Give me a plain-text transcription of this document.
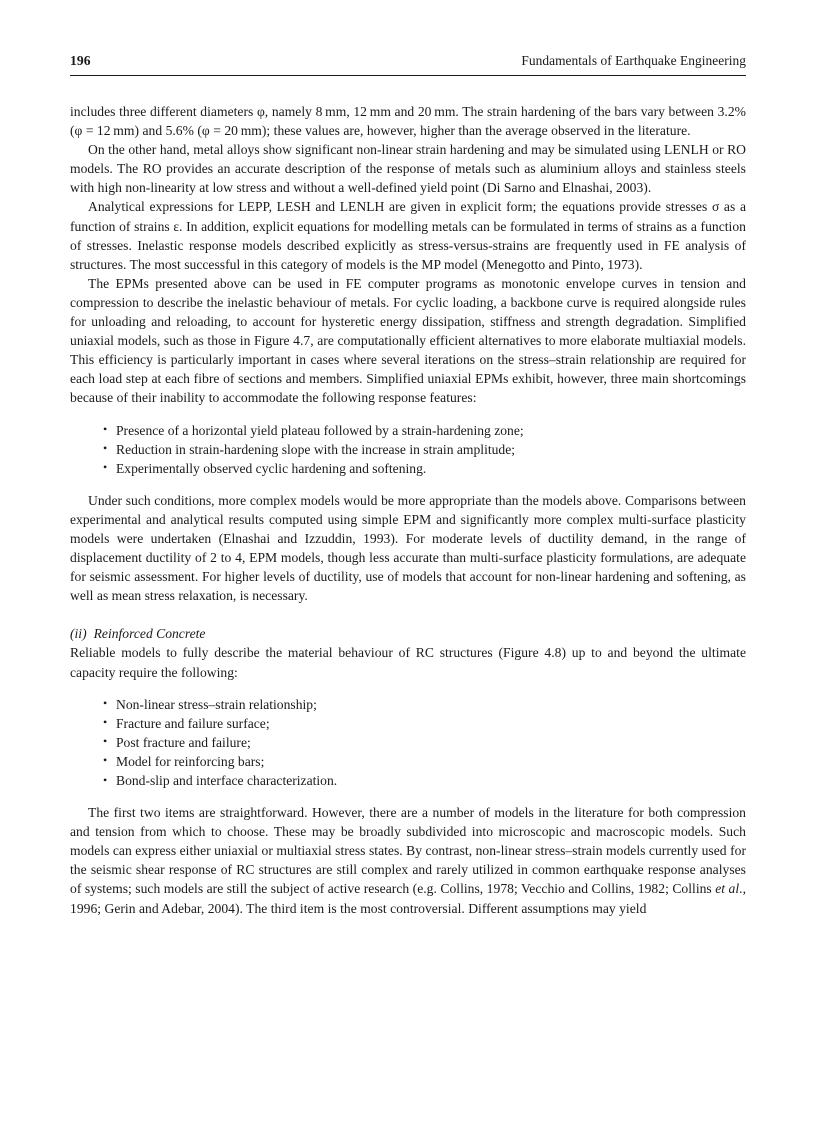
196	Fundamentals of Earthquake Engineering

includes three different diameters φ, namely 8 mm, 12 mm and 20 mm. The strain hardening of the bars vary between 3.2% (φ = 12 mm) and 5.6% (φ = 20 mm); these values are, however, higher than the average observed in the literature.

On the other hand, metal alloys show significant non-linear strain hardening and may be simulated using LENLH or RO models. The RO provides an accurate description of the response of metals such as aluminium alloys and stainless steels with high non-linearity at low stress and without a well-defined yield point (Di Sarno and Elnashai, 2003).

Analytical expressions for LEPP, LESH and LENLH are given in explicit form; the equations provide stresses σ as a function of strains ε. In addition, explicit equations for modelling metals can be formulated in terms of strains as a function of stresses. Inelastic response models described explicitly as stress-versus-strains are frequently used in FE analysis of structures. The most successful in this category of models is the MP model (Menegotto and Pinto, 1973).

The EPMs presented above can be used in FE computer programs as monotonic envelope curves in tension and compression to describe the inelastic behaviour of metals. For cyclic loading, a backbone curve is required alongside rules for unloading and reloading, to account for hysteretic energy dissipation, stiffness and strength degradation. Simplified uniaxial models, such as those in Figure 4.7, are computationally efficient alternatives to more elaborate multiaxial models. This efficiency is particularly important in cases where several iterations on the stress–strain relationship are required for each load step at each fibre of sections and members. Simplified uniaxial EPMs exhibit, however, three main shortcomings because of their inability to accommodate the following response features:

• Presence of a horizontal yield plateau followed by a strain-hardening zone;
• Reduction in strain-hardening slope with the increase in strain amplitude;
• Experimentally observed cyclic hardening and softening.

Under such conditions, more complex models would be more appropriate than the models above. Comparisons between experimental and analytical results computed using simple EPM and significantly more complex multi-surface plasticity models were undertaken (Elnashai and Izzuddin, 1993). For moderate levels of ductility demand, in the range of displacement ductility of 2 to 4, EPM models, though less accurate than multi-surface plasticity formulations, are adequate for seismic assessment. For higher levels of ductility, use of models that account for non-linear hardening and softening, as well as mean stress relaxation, is necessary.

(ii) Reinforced Concrete

Reliable models to fully describe the material behaviour of RC structures (Figure 4.8) up to and beyond the ultimate capacity require the following:

• Non-linear stress–strain relationship;
• Fracture and failure surface;
• Post fracture and failure;
• Model for reinforcing bars;
• Bond-slip and interface characterization.

The first two items are straightforward. However, there are a number of models in the literature for both compression and tension from which to choose. These may be broadly subdivided into microscopic and macroscopic models. Such models can express either uniaxial or multiaxial stress states. By contrast, non-linear stress–strain models currently used for the seismic shear response of RC structures are still complex and rarely utilized in common earthquake response analyses of systems; such models are still the subject of active research (e.g. Collins, 1978; Vecchio and Collins, 1982; Collins et al., 1996; Gerin and Adebar, 2004). The third item is the most controversial. Different assumptions may yield
